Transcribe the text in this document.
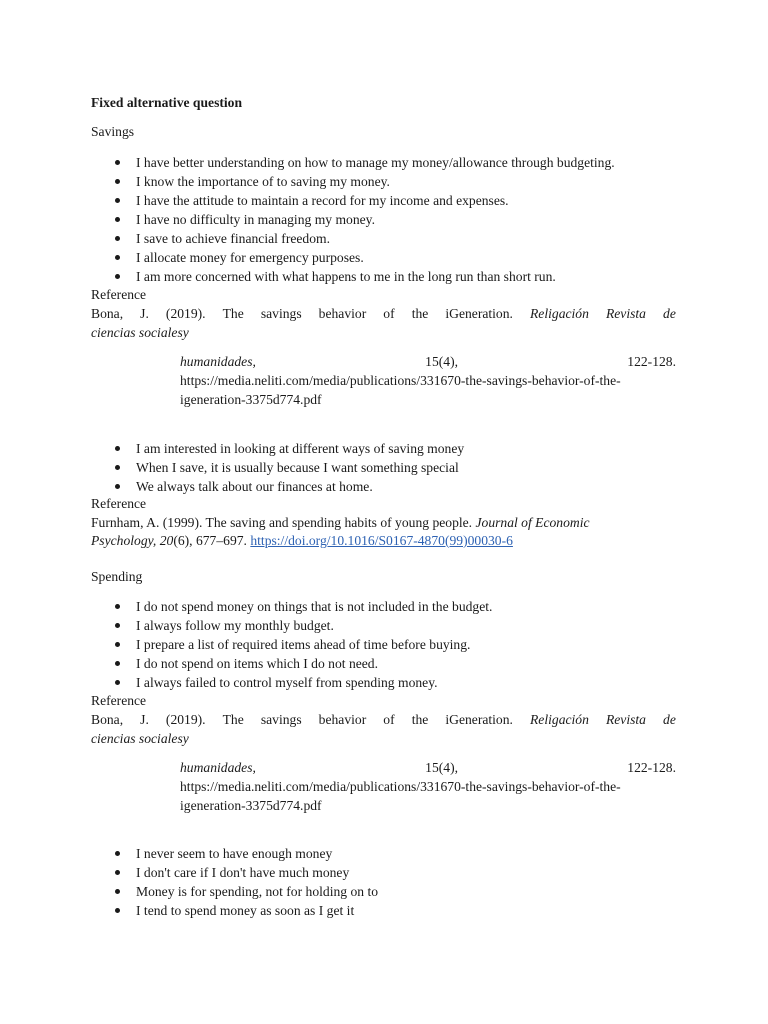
Fixed alternative question
Savings
I have better understanding on how to manage my money/allowance through budgeting.
I know the importance of to saving my money.
I have the attitude to maintain a record for my income and expenses.
I have no difficulty in managing my money.
I save to achieve financial freedom.
I allocate money for emergency purposes.
I am more concerned with what happens to me in the long run than short run.
Reference
Bona, J. (2019). The savings behavior of the iGeneration. Religación Revista de
ciencias socialesy
humanidades,	15(4),	122-128.
https://media.neliti.com/media/publications/331670-the-savings-behavior-of-the-
igeneration-3375d774.pdf
I am interested in looking at different ways of saving money
When I save, it is usually because I want something special
We always talk about our finances at home.
Reference
Furnham, A. (1999). The saving and spending habits of young people. Journal of Economic
Psychology, 20(6), 677–697. https://doi.org/10.1016/S0167-4870(99)00030-6
Spending
I do not spend money on things that is not included in the budget.
I always follow my monthly budget.
I prepare a list of required items ahead of time before buying.
I do not spend on items which I do not need.
I always failed to control myself from spending money.
Reference
Bona, J. (2019). The savings behavior of the iGeneration. Religación Revista de
ciencias socialesy
humanidades,	15(4),	122-128.
https://media.neliti.com/media/publications/331670-the-savings-behavior-of-the-
igeneration-3375d774.pdf
I never seem to have enough money
I don't care if I don't have much money
Money is for spending, not for holding on to
I tend to spend money as soon as I get it
